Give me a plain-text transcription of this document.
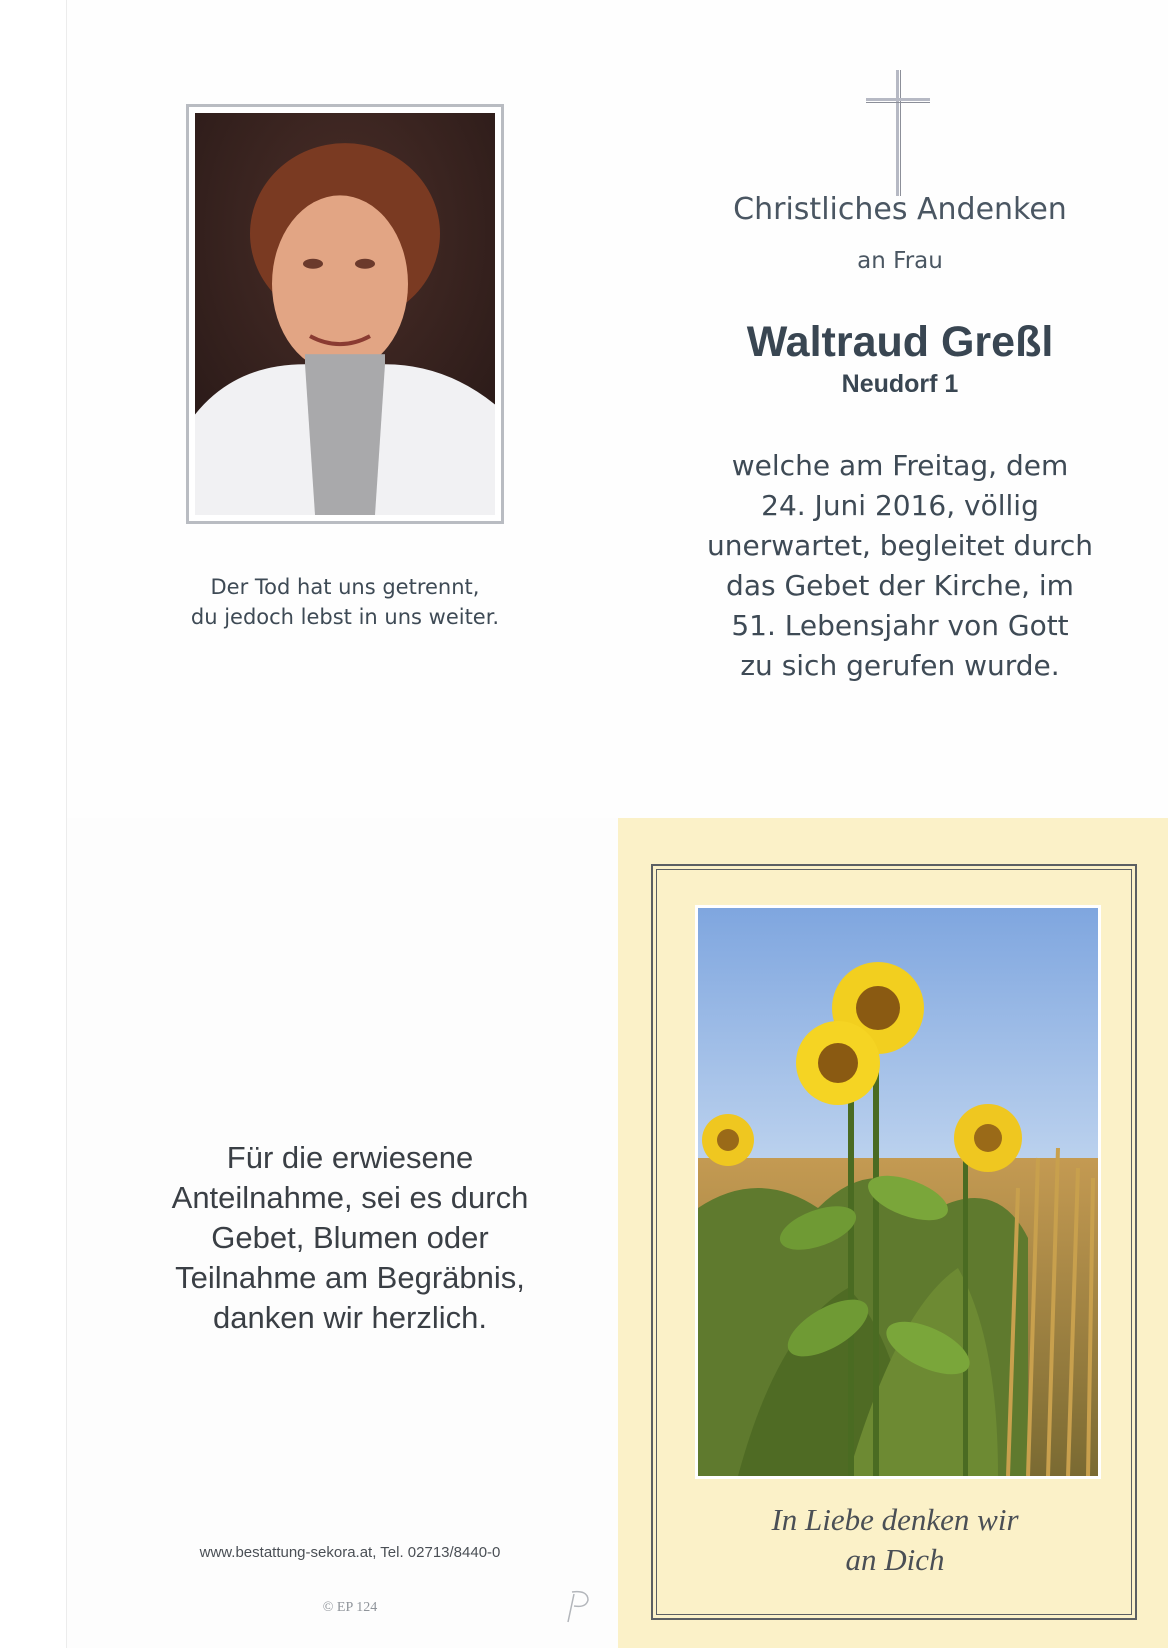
Christliches Andenken
an Frau
Waltraud Greßl
Neudorf 1
welche am Freitag, dem
24. Juni 2016, völlig
unerwartet, begleitet durch
das Gebet der Kirche, im
51. Lebensjahr von Gott
zu sich gerufen wurde.
Der Tod hat uns getrennt,
du jedoch lebst in uns weiter.
Für die erwiesene
Anteilnahme, sei es durch
Gebet, Blumen oder
Teilnahme am Begräbnis,
danken wir herzlich.
www.bestattung-sekora.at, Tel. 02713/8440-0
© EP 124
In Liebe denken wir
an Dich
